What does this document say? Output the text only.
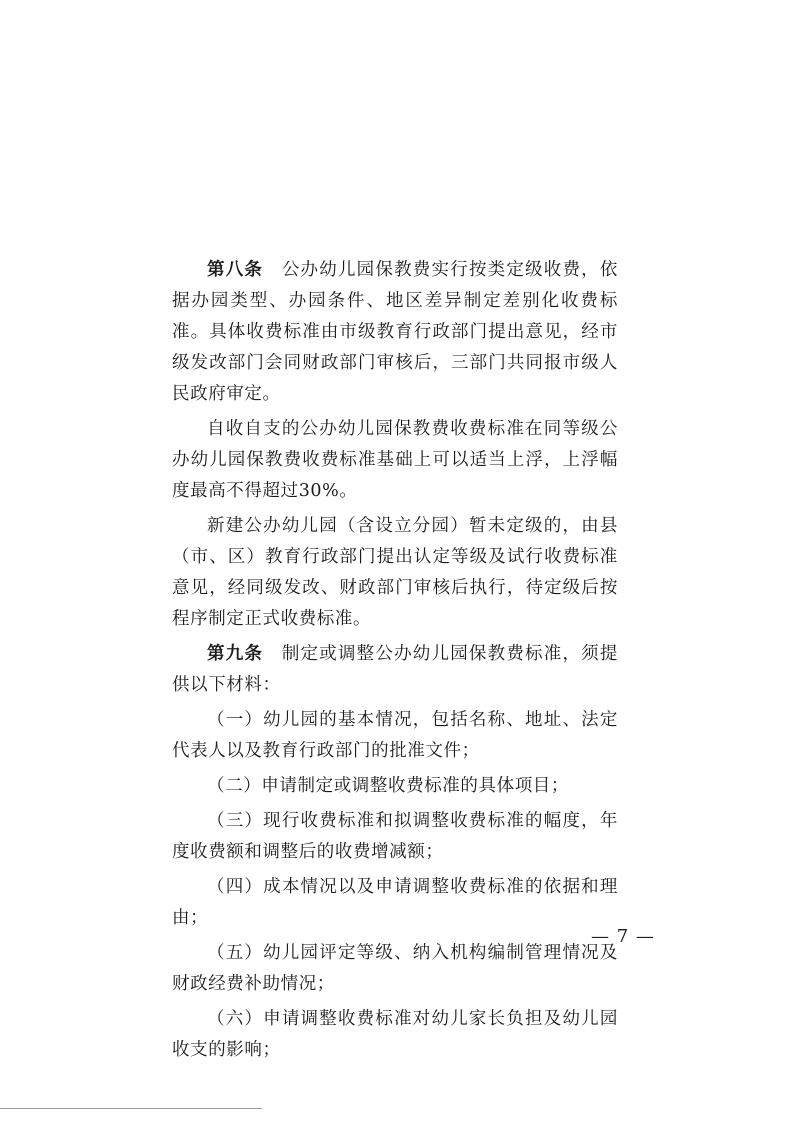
第八条　公办幼儿园保教费实行按类定级收费，依据办园类型、办园条件、地区差异制定差别化收费标准。具体收费标准由市级教育行政部门提出意见，经市级发改部门会同财政部门审核后，三部门共同报市级人民政府审定。

自收自支的公办幼儿园保教费收费标准在同等级公办幼儿园保教费收费标准基础上可以适当上浮，上浮幅度最高不得超过30%。

新建公办幼儿园（含设立分园）暂未定级的，由县（市、区）教育行政部门提出认定等级及试行收费标准意见，经同级发改、财政部门审核后执行，待定级后按程序制定正式收费标准。

第九条　制定或调整公办幼儿园保教费标准，须提供以下材料：

（一）幼儿园的基本情况，包括名称、地址、法定代表人以及教育行政部门的批准文件；

（二）申请制定或调整收费标准的具体项目；

（三）现行收费标准和拟调整收费标准的幅度，年度收费额和调整后的收费增减额；

（四）成本情况以及申请调整收费标准的依据和理由；

（五）幼儿园评定等级、纳入机构编制管理情况及财政经费补助情况；

（六）申请调整收费标准对幼儿家长负担及幼儿园收支的影响；

— 7 —
